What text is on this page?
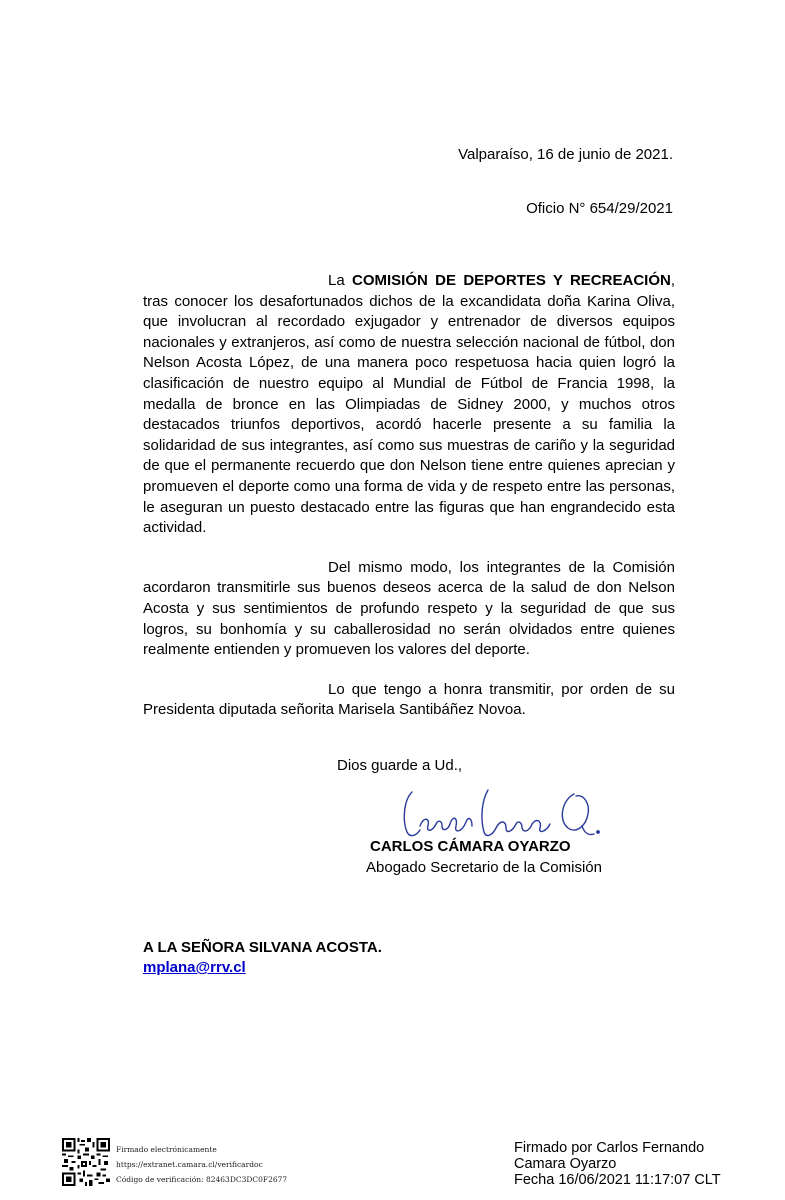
Valparaíso, 16 de junio de 2021.
Oficio N° 654/29/2021

La COMISIÓN DE DEPORTES Y RECREACIÓN, tras conocer los desafortunados dichos de la excandidata doña Karina Oliva, que involucran al recordado exjugador y entrenador de diversos equipos nacionales y extranjeros, así como de nuestra selección nacional de fútbol, don Nelson Acosta López, de una manera poco respetuosa hacia quien logró la clasificación de nuestro equipo al Mundial de Fútbol de Francia 1998, la medalla de bronce en las Olimpiadas de Sidney 2000, y muchos otros destacados triunfos deportivos, acordó hacerle presente a su familia la solidaridad de sus integrantes, así como sus muestras de cariño y la seguridad de que el permanente recuerdo que don Nelson tiene entre quienes aprecian y promueven el deporte como una forma de vida y de respeto entre las personas, le aseguran un puesto destacado entre las figuras que han engrandecido esta actividad.

Del mismo modo, los integrantes de la Comisión acordaron transmitirle sus buenos deseos acerca de la salud de don Nelson Acosta y sus sentimientos de profundo respeto y la seguridad de que sus logros, su bonhomía y su caballerosidad no serán olvidados entre quienes realmente entienden y promueven los valores del deporte.

Lo que tengo a honra transmitir, por orden de su Presidenta diputada señorita Marisela Santibáñez Novoa.

Dios guarde a Ud.,
CARLOS CÁMARA OYARZO
Abogado Secretario de la Comisión
A LA SEÑORA SILVANA ACOSTA.
mplana@rrv.cl
Firmado electrónicamente
https://extranet.camara.cl/verificardoc
Código de verificación: 82463DC3DC0F2677
Firmado por Carlos Fernando
Camara Oyarzo
Fecha 16/06/2021 11:17:07 CLT
